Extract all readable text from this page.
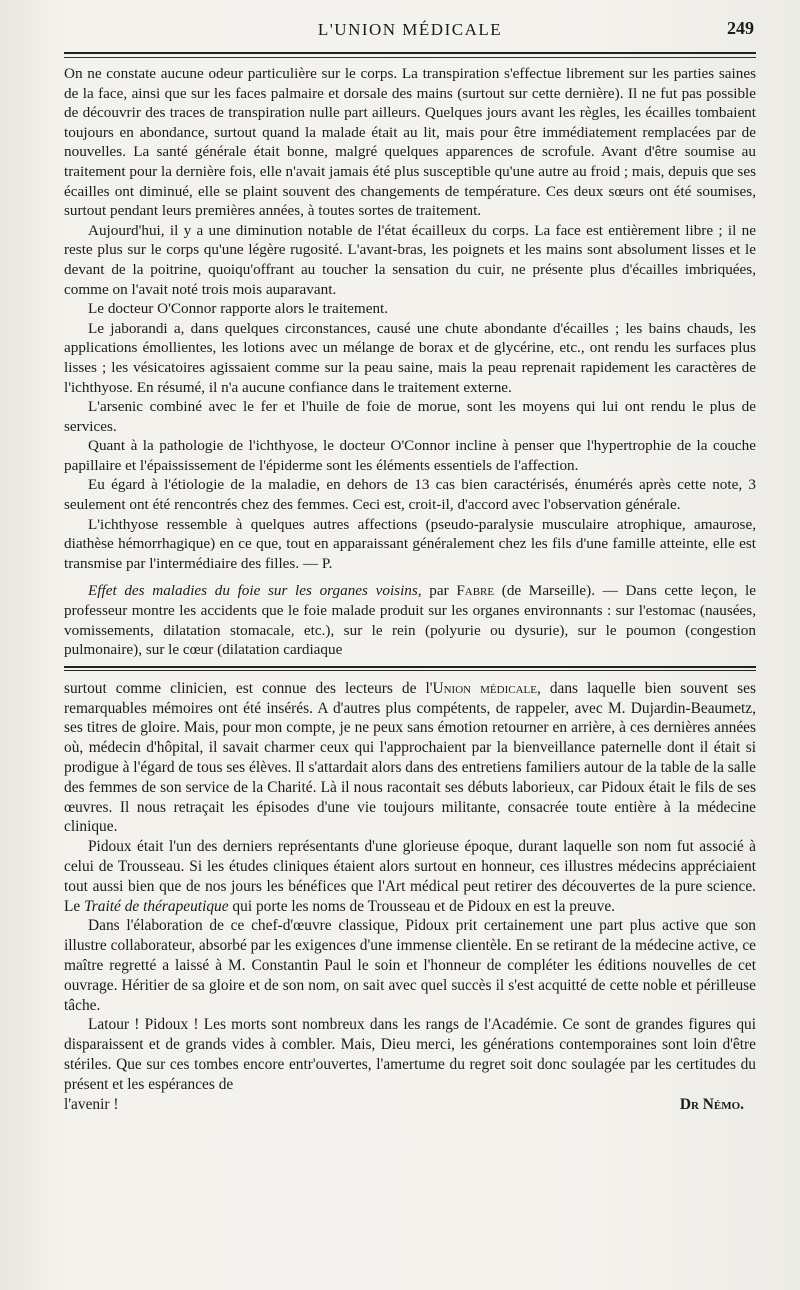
L'UNION MÉDICALE	249

On ne constate aucune odeur particulière sur le corps. La transpiration s'effectue librement sur les parties saines de la face, ainsi que sur les faces palmaire et dorsale des mains (surtout sur cette dernière). Il ne fut pas possible de découvrir des traces de transpiration nulle part ailleurs. Quelques jours avant les règles, les écailles tombaient toujours en abondance, surtout quand la malade était au lit, mais pour être immédiatement remplacées par de nouvelles. La santé générale était bonne, malgré quelques apparences de scrofule. Avant d'être soumise au traitement pour la dernière fois, elle n'avait jamais été plus susceptible qu'une autre au froid ; mais, depuis que ses écailles ont diminué, elle se plaint souvent des changements de température. Ces deux sœurs ont été soumises, surtout pendant leurs premières années, à toutes sortes de traitement.

Aujourd'hui, il y a une diminution notable de l'état écailleux du corps. La face est entièrement libre ; il ne reste plus sur le corps qu'une légère rugosité. L'avant-bras, les poignets et les mains sont absolument lisses et le devant de la poitrine, quoiqu'offrant au toucher la sensation du cuir, ne présente plus d'écailles imbriquées, comme on l'avait noté trois mois auparavant.

Le docteur O'Connor rapporte alors le traitement.

Le jaborandi a, dans quelques circonstances, causé une chute abondante d'écailles ; les bains chauds, les applications émollientes, les lotions avec un mélange de borax et de glycérine, etc., ont rendu les surfaces plus lisses ; les vésicatoires agissaient comme sur la peau saine, mais la peau reprenait rapidement les caractères de l'ichthyose. En résumé, il n'a aucune confiance dans le traitement externe.

L'arsenic combiné avec le fer et l'huile de foie de morue, sont les moyens qui lui ont rendu le plus de services.

Quant à la pathologie de l'ichthyose, le docteur O'Connor incline à penser que l'hypertrophie de la couche papillaire et l'épaississement de l'épiderme sont les éléments essentiels de l'affection.

Eu égard à l'étiologie de la maladie, en dehors de 13 cas bien caractérisés, énumérés après cette note, 3 seulement ont été rencontrés chez des femmes. Ceci est, croit-il, d'accord avec l'observation générale.

L'ichthyose ressemble à quelques autres affections (pseudo-paralysie musculaire atrophique, amaurose, diathèse hémorrhagique) en ce que, tout en apparaissant généralement chez les fils d'une famille atteinte, elle est transmise par l'intermédiaire des filles. — P.

Effet des maladies du foie sur les organes voisins, par Fabre (de Marseille). — Dans cette leçon, le professeur montre les accidents que le foie malade produit sur les organes environnants : sur l'estomac (nausées, vomissements, dilatation stomacale, etc.), sur le rein (polyurie ou dysurie), sur le poumon (congestion pulmonaire), sur le cœur (dilatation cardiaque

surtout comme clinicien, est connue des lecteurs de l'Union médicale, dans laquelle bien souvent ses remarquables mémoires ont été insérés. A d'autres plus compétents, de rappeler, avec M. Dujardin-Beaumetz, ses titres de gloire. Mais, pour mon compte, je ne peux sans émotion retourner en arrière, à ces dernières années où, médecin d'hôpital, il savait charmer ceux qui l'approchaient par la bienveillance paternelle dont il était si prodigue à l'égard de tous ses élèves. Il s'attardait alors dans des entretiens familiers autour de la table de la salle des femmes de son service de la Charité. Là il nous racontait ses débuts laborieux, car Pidoux était le fils de ses œuvres. Il nous retraçait les épisodes d'une vie toujours militante, consacrée toute entière à la médecine clinique.

Pidoux était l'un des derniers représentants d'une glorieuse époque, durant laquelle son nom fut associé à celui de Trousseau. Si les études cliniques étaient alors surtout en honneur, ces illustres médecins appréciaient tout aussi bien que de nos jours les bénéfices que l'Art médical peut retirer des découvertes de la pure science. Le Traité de thérapeutique qui porte les noms de Trousseau et de Pidoux en est la preuve.

Dans l'élaboration de ce chef-d'œuvre classique, Pidoux prit certainement une part plus active que son illustre collaborateur, absorbé par les exigences d'une immense clientèle. En se retirant de la médecine active, ce maître regretté a laissé à M. Constantin Paul le soin et l'honneur de compléter les éditions nouvelles de cet ouvrage. Héritier de sa gloire et de son nom, on sait avec quel succès il s'est acquitté de cette noble et périlleuse tâche.

Latour ! Pidoux ! Les morts sont nombreux dans les rangs de l'Académie. Ce sont de grandes figures qui disparaissent et de grands vides à combler. Mais, Dieu merci, les générations contemporaines sont loin d'être stériles. Que sur ces tombes encore entr'ouvertes, l'amertume du regret soit donc soulagée par les certitudes du présent et les espérances de

l'avenir !	Dr Némo.
